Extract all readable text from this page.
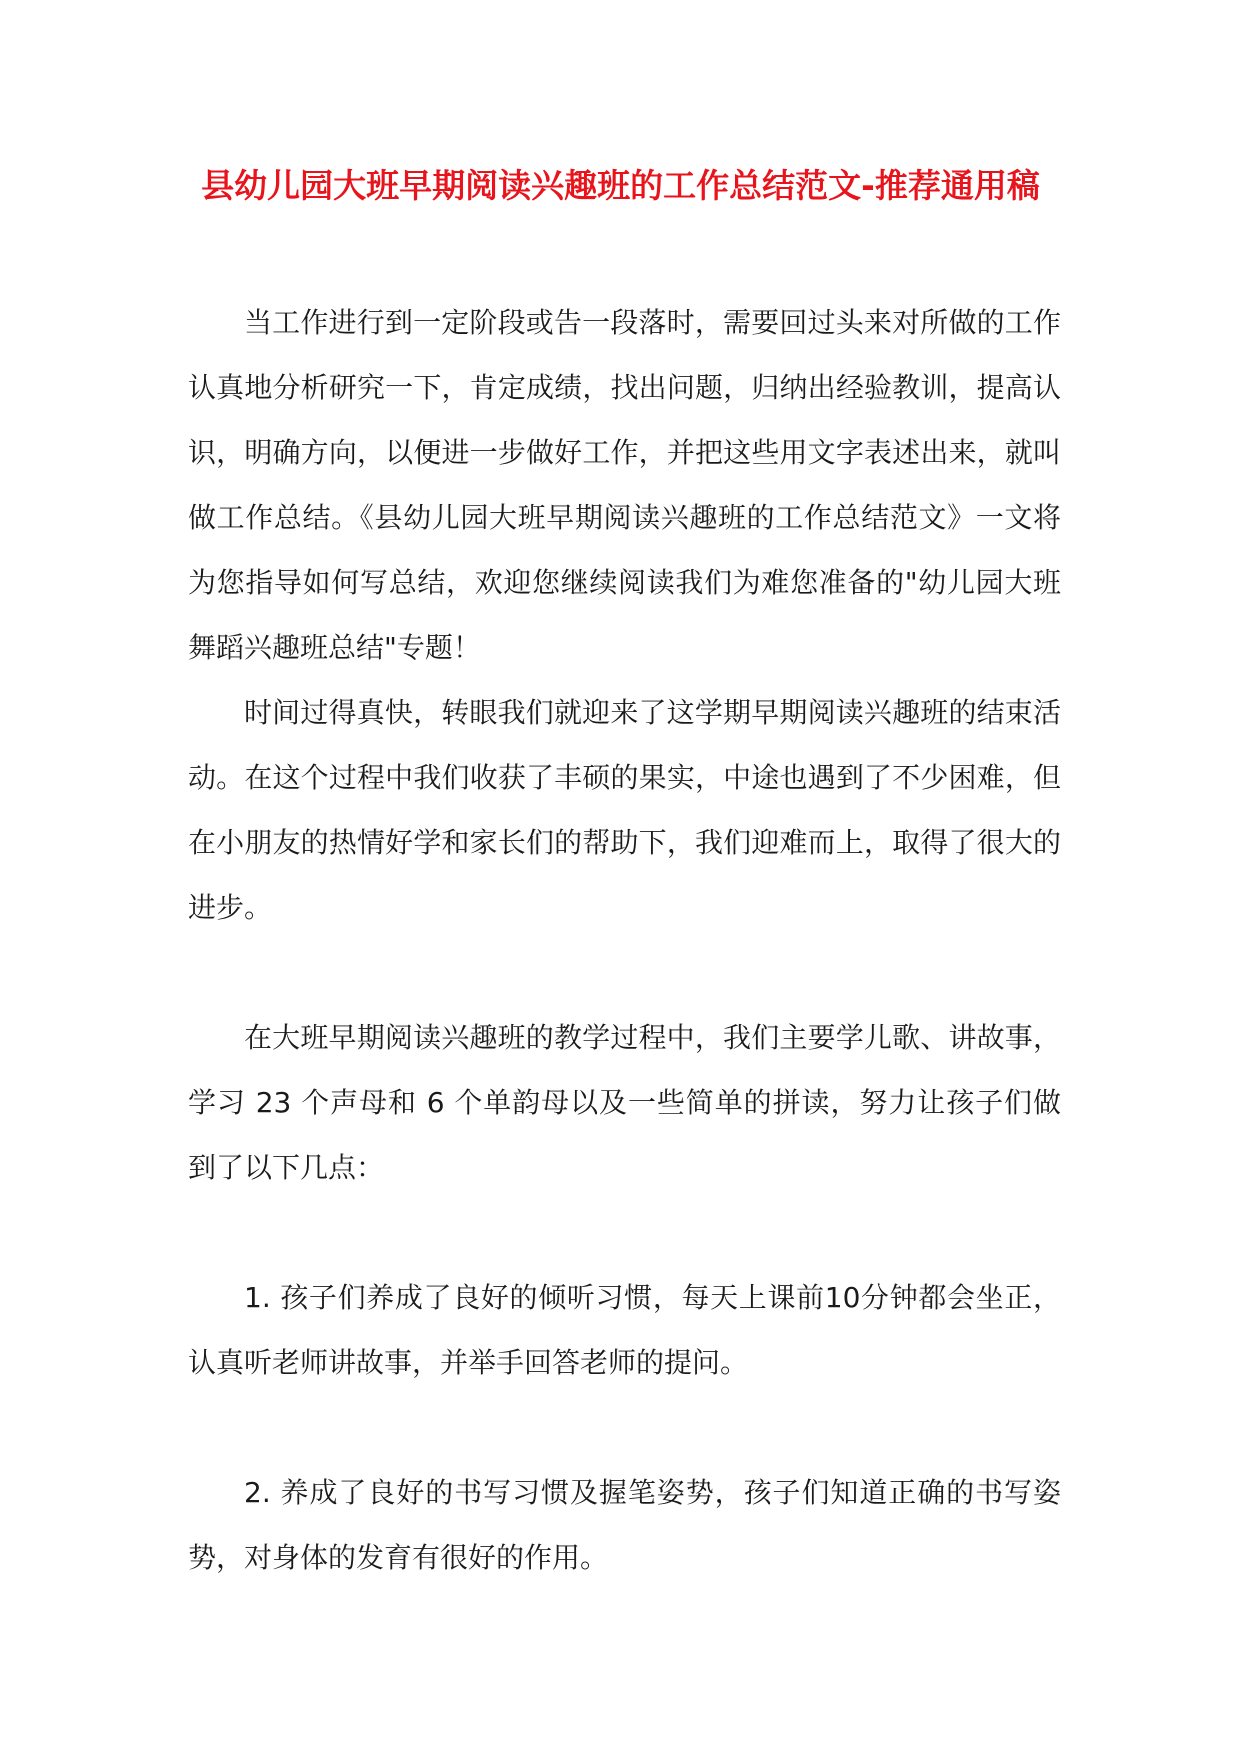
县幼儿园大班早期阅读兴趣班的工作总结范文-推荐通用稿

当工作进行到一定阶段或告一段落时，需要回过头来对所做的工作认真地分析研究一下，肯定成绩，找出问题，归纳出经验教训，提高认识，明确方向，以便进一步做好工作，并把这些用文字表述出来，就叫做工作总结。《县幼儿园大班早期阅读兴趣班的工作总结范文》一文将为您指导如何写总结，欢迎您继续阅读我们为难您准备的"幼儿园大班舞蹈兴趣班总结"专题！

时间过得真快，转眼我们就迎来了这学期早期阅读兴趣班的结束活动。在这个过程中我们收获了丰硕的果实，中途也遇到了不少困难，但在小朋友的热情好学和家长们的帮助下，我们迎难而上，取得了很大的进步。

在大班早期阅读兴趣班的教学过程中，我们主要学儿歌、讲故事，学习 23 个声母和 6 个单韵母以及一些简单的拼读，努力让孩子们做到了以下几点：

1. 孩子们养成了良好的倾听习惯，每天上课前10分钟都会坐正，认真听老师讲故事，并举手回答老师的提问。

2. 养成了良好的书写习惯及握笔姿势，孩子们知道正确的书写姿势，对身体的发育有很好的作用。
